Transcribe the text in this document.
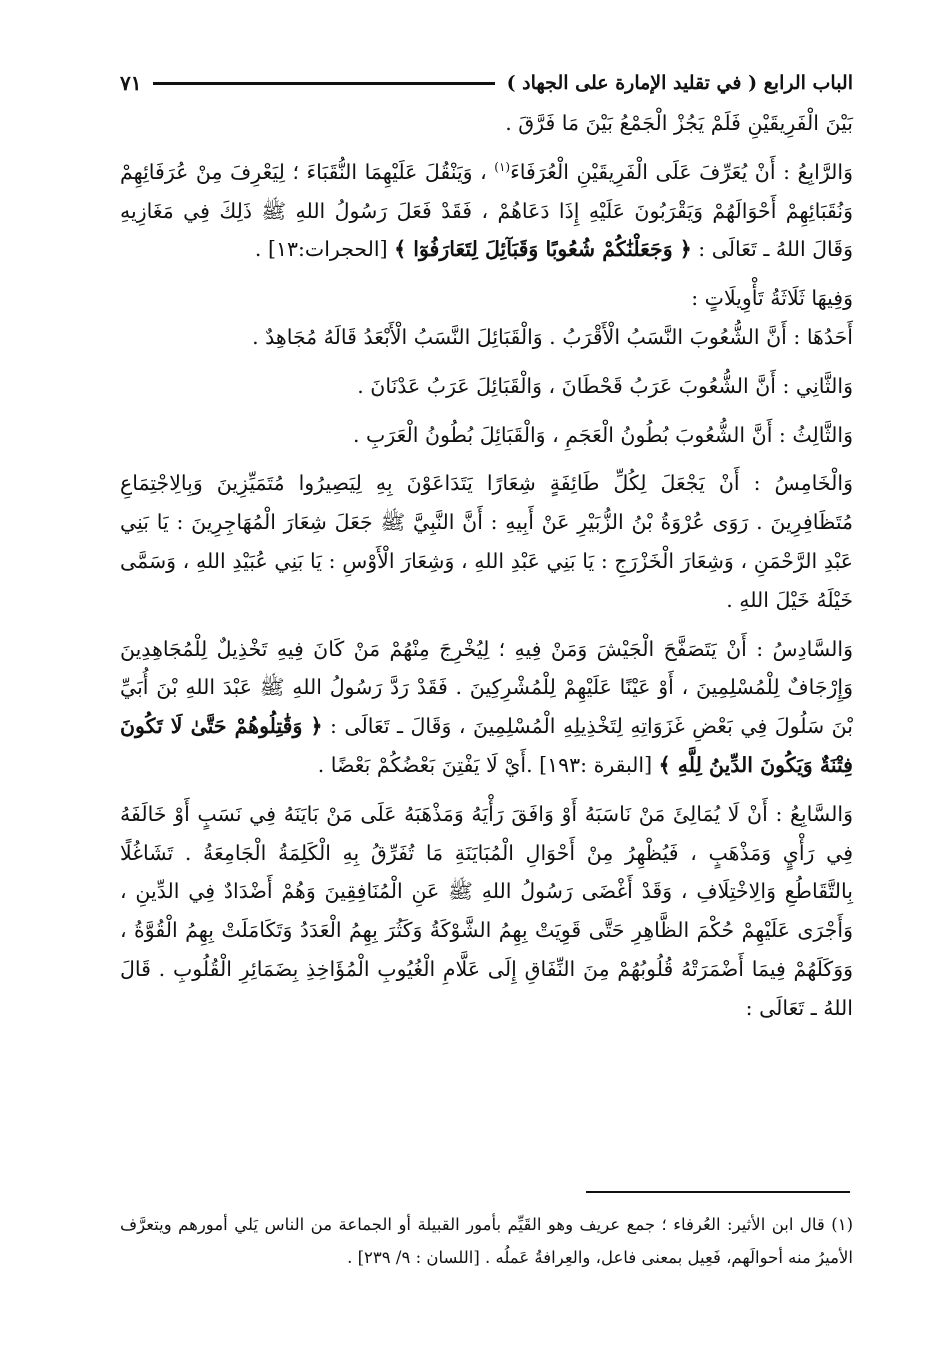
الباب الرابع ( في تقليد الإمارة على الجهاد )
٧١

بَيْنَ الْفَرِيقَيْنِ فَلَمْ يَجُزْ الْجَمْعُ بَيْنَ مَا فَرَّقَ .

وَالرَّابِعُ : أَنْ يُعَرِّفَ عَلَى الْفَرِيقَيْنِ الْعُرَفَاءَ$^{(١)}$ ، وَيَنْقُلَ عَلَيْهِمَا النُّقَبَاءَ ؛ لِيَعْرِفَ مِنْ عُرَفَائِهِمْ وَنُقَبَائِهِمْ أَحْوَالَهُمْ وَيَقْرَبُونَ عَلَيْهِ إِذَا دَعَاهُمْ ، فَقَدْ فَعَلَ رَسُولُ اللهِ ﷺ ذَلِكَ فِي مَغَازِيهِ وَقَالَ اللهُ ـ تَعَالَى : ﴿ وَجَعَلْنَٰكُمْ شُعُوبًا وَقَبَآئِلَ لِتَعَارَفُوٓا ﴾ [الحجرات:١٣] .

وَفِيهَا ثَلَاثَةُ تَأْوِيلَاتٍ :

أَحَدُهَا : أَنَّ الشُّعُوبَ النَّسَبُ الْأَقْرَبُ . وَالْقَبَائِلَ النَّسَبُ الْأَبْعَدُ قَالَهُ مُجَاهِدٌ .

وَالثَّانِي : أَنَّ الشُّعُوبَ عَرَبُ قَحْطَانَ ، وَالْقَبَائِلَ عَرَبُ عَدْنَانَ .

وَالثَّالِثُ : أَنَّ الشُّعُوبَ بُطُونُ الْعَجَمِ ، وَالْقَبَائِلَ بُطُونُ الْعَرَبِ .

وَالْخَامِسُ : أَنْ يَجْعَلَ لِكُلِّ طَائِفَةٍ شِعَارًا يَتَدَاعَوْنَ بِهِ لِيَصِيرُوا مُتَمَيِّزِينَ وَبِالِاجْتِمَاعِ مُتَظَافِرِينَ . رَوَى عُرْوَةُ بْنُ الزُّبَيْرِ عَنْ أَبِيهِ : أَنَّ النَّبِيَّ ﷺ جَعَلَ شِعَارَ الْمُهَاجِرِينَ : يَا بَنِي عَبْدِ الرَّحْمَنِ ، وَشِعَارَ الْخَزْرَجِ : يَا بَنِي عَبْدِ اللهِ ، وَشِعَارَ الْأَوْسِ : يَا بَنِي عُبَيْدِ اللهِ ، وَسَمَّى خَيْلَهُ خَيْلَ اللهِ .

وَالسَّادِسُ : أَنْ يَتَصَفَّحَ الْجَيْشَ وَمَنْ فِيهِ ؛ لِيُخْرِجَ مِنْهُمْ مَنْ كَانَ فِيهِ تَخْذِيلٌ لِلْمُجَاهِدِينَ وَإِرْجَافٌ لِلْمُسْلِمِينَ ، أَوْ عَيْنًا عَلَيْهِمْ لِلْمُشْرِكِينَ . فَقَدْ رَدَّ رَسُولُ اللهِ ﷺ عَبْدَ اللهِ بْنَ أُبَيِّ بْنَ سَلُولَ فِي بَعْضِ غَزَوَاتِهِ لِتَخْذِيلِهِ الْمُسْلِمِينَ ، وَقَالَ ـ تَعَالَى : ﴿ وَقَٰتِلُوهُمْ حَتَّىٰ لَا تَكُونَ فِتْنَةٌ وَيَكُونَ الدِّينُ لِلَّهِ ﴾ [البقرة :١٩٣] .أَيْ لَا يَفْتِنَ بَعْضُكُمْ بَعْضًا .

وَالسَّابِعُ : أَنْ لَا يُمَالِئَ مَنْ نَاسَبَهُ أَوْ وَافَقَ رَأْيَهُ وَمَذْهَبَهُ عَلَى مَنْ بَايَنَهُ فِي نَسَبٍ أَوْ خَالَفَهُ فِي رَأْيٍ وَمَذْهَبٍ ، فَيُظْهِرُ مِنْ أَحْوَالِ الْمُبَايَنَةِ مَا تُفَرِّقُ بِهِ الْكَلِمَةُ الْجَامِعَةُ . تَشَاغُلًا بِالتَّقَاطُعِ وَالِاخْتِلَافِ ، وَقَدْ أَغْضَى رَسُولُ اللهِ ﷺ عَنِ الْمُنَافِقِينَ وَهُمْ أَضْدَادٌ فِي الدِّينِ ، وَأَجْرَى عَلَيْهِمْ حُكْمَ الظَّاهِرِ حَتَّى قَوِيَتْ بِهِمُ الشَّوْكَةُ وَكَثُرَ بِهِمُ الْعَدَدُ وَتَكَامَلَتْ بِهِمُ الْقُوَّةُ ، وَوَكَلَهُمْ فِيمَا أَضْمَرَتْهُ قُلُوبُهُمْ مِنَ النِّفَاقِ إِلَى عَلَّامِ الْغُيُوبِ الْمُؤَاخِذِ بِضَمَائِرِ الْقُلُوبِ . قَالَ اللهُ ـ تَعَالَى :

(١) قال ابن الأثير: العُرفاء ؛ جمع عريف وهو القَيِّم بأمور القبيلة أو الجماعة من الناس يَلي أمورهم ويتعرَّف الأميرُ منه أحوالَهم، فَعِيل بمعنى فاعل، والعِرافةُ عَملُه . [اللسان : ٩/ ٢٣٩] .
